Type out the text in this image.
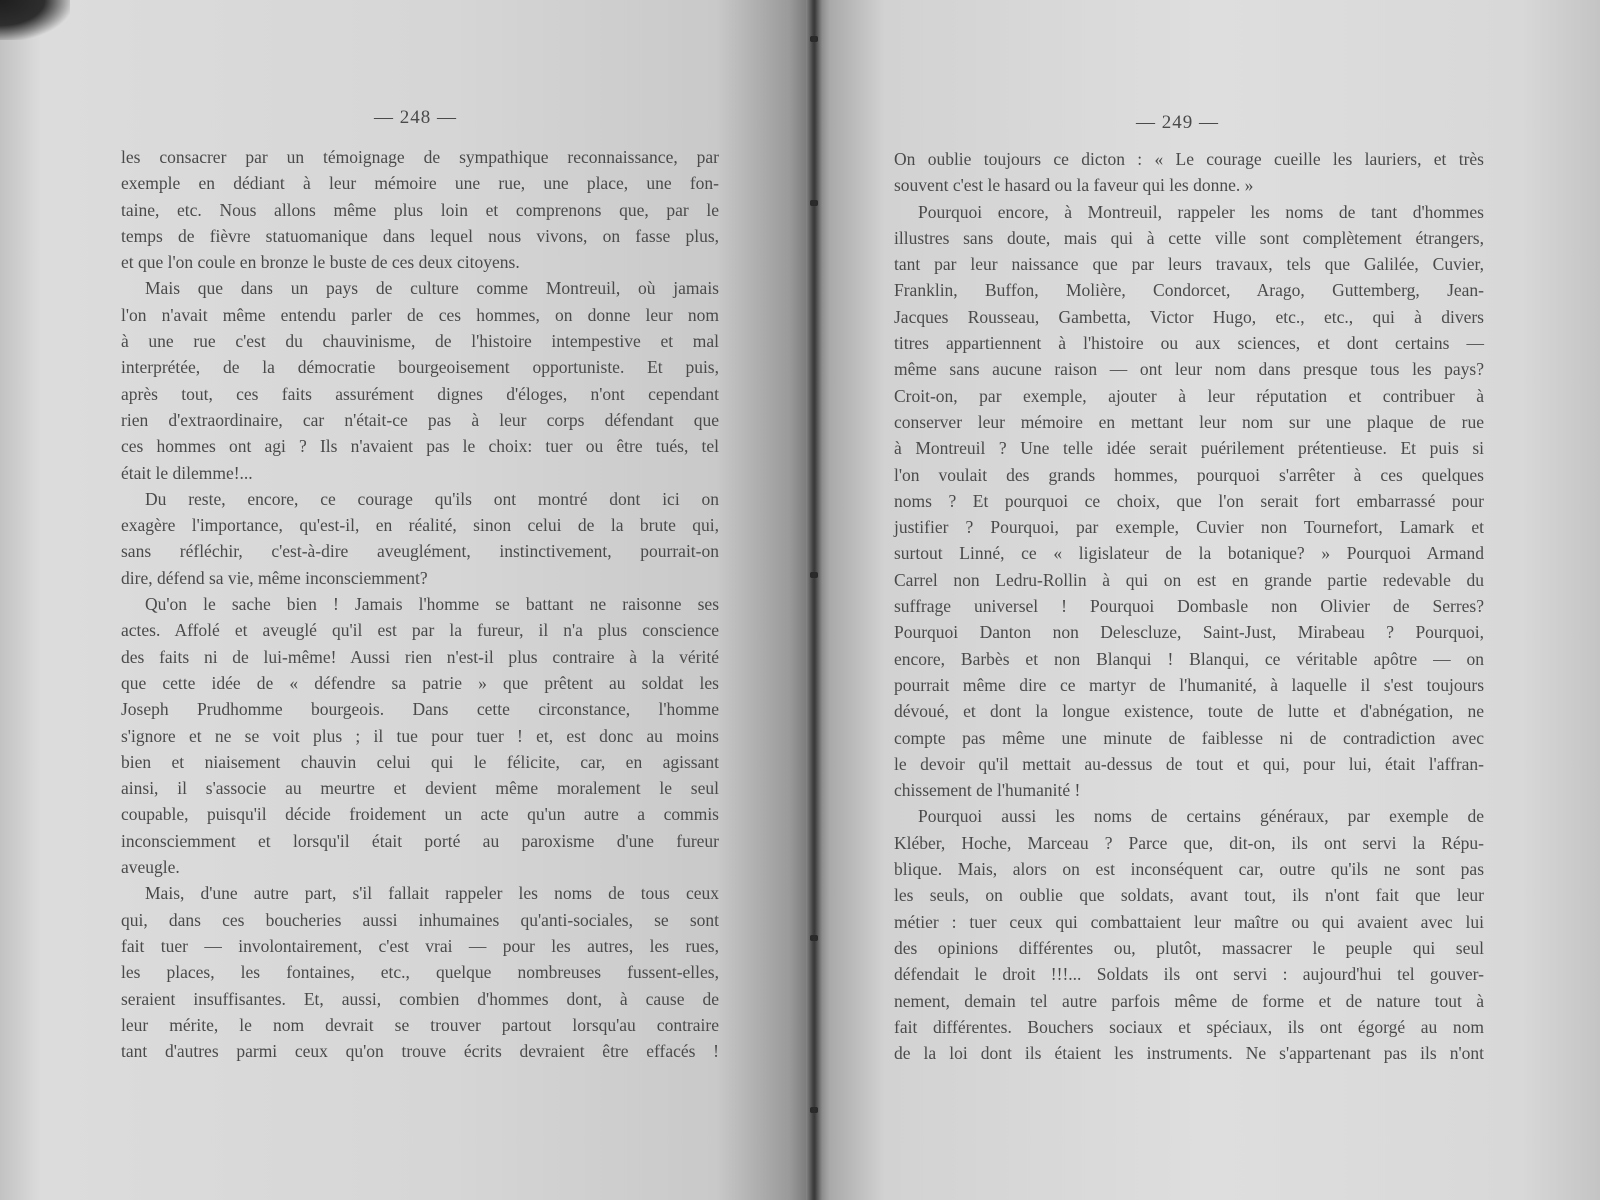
— 248 —
les consacrer par un témoignage de sympathique reconnaissance, par
exemple en dédiant à leur mémoire une rue, une place, une fon-
taine, etc. Nous allons même plus loin et comprenons que, par le
temps de fièvre statuomanique dans lequel nous vivons, on fasse plus,
et que l'on coule en bronze le buste de ces deux citoyens.
Mais que dans un pays de culture comme Montreuil, où jamais
l'on n'avait même entendu parler de ces hommes, on donne leur nom
à une rue c'est du chauvinisme, de l'histoire intempestive et mal
interprétée, de la démocratie bourgeoisement opportuniste. Et puis,
après tout, ces faits assurément dignes d'éloges, n'ont cependant
rien d'extraordinaire, car n'était-ce pas à leur corps défendant que
ces hommes ont agi ? Ils n'avaient pas le choix: tuer ou être tués, tel
était le dilemme!...
Du reste, encore, ce courage qu'ils ont montré dont ici on
exagère l'importance, qu'est-il, en réalité, sinon celui de la brute qui,
sans réfléchir, c'est-à-dire aveuglément, instinctivement, pourrait-on
dire, défend sa vie, même inconsciemment?
Qu'on le sache bien ! Jamais l'homme se battant ne raisonne ses
actes. Affolé et aveuglé qu'il est par la fureur, il n'a plus conscience
des faits ni de lui-même! Aussi rien n'est-il plus contraire à la vérité
que cette idée de « défendre sa patrie » que prêtent au soldat les
Joseph Prudhomme bourgeois. Dans cette circonstance, l'homme
s'ignore et ne se voit plus ; il tue pour tuer ! et, est donc au moins
bien et niaisement chauvin celui qui le félicite, car, en agissant
ainsi, il s'associe au meurtre et devient même moralement le seul
coupable, puisqu'il décide froidement un acte qu'un autre a commis
inconsciemment et lorsqu'il était porté au paroxisme d'une fureur
aveugle.
Mais, d'une autre part, s'il fallait rappeler les noms de tous ceux
qui, dans ces boucheries aussi inhumaines qu'anti-sociales, se sont
fait tuer — involontairement, c'est vrai — pour les autres, les rues,
les places, les fontaines, etc., quelque nombreuses fussent-elles,
seraient insuffisantes. Et, aussi, combien d'hommes dont, à cause de
leur mérite, le nom devrait se trouver partout lorsqu'au contraire
tant d'autres parmi ceux qu'on trouve écrits devraient être effacés !
— 249 —
On oublie toujours ce dicton : « Le courage cueille les lauriers, et très
souvent c'est le hasard ou la faveur qui les donne. »
Pourquoi encore, à Montreuil, rappeler les noms de tant d'hommes
illustres sans doute, mais qui à cette ville sont complètement étrangers,
tant par leur naissance que par leurs travaux, tels que Galilée, Cuvier,
Franklin, Buffon, Molière, Condorcet, Arago, Guttemberg, Jean-
Jacques Rousseau, Gambetta, Victor Hugo, etc., etc., qui à divers
titres appartiennent à l'histoire ou aux sciences, et dont certains —
même sans aucune raison — ont leur nom dans presque tous les pays?
Croit-on, par exemple, ajouter à leur réputation et contribuer à
conserver leur mémoire en mettant leur nom sur une plaque de rue
à Montreuil ? Une telle idée serait puérilement prétentieuse. Et puis si
l'on voulait des grands hommes, pourquoi s'arrêter à ces quelques
noms ? Et pourquoi ce choix, que l'on serait fort embarrassé pour
justifier ? Pourquoi, par exemple, Cuvier non Tournefort, Lamark et
surtout Linné, ce « ligislateur de la botanique? » Pourquoi Armand
Carrel non Ledru-Rollin à qui on est en grande partie redevable du
suffrage universel ! Pourquoi Dombasle non Olivier de Serres?
Pourquoi Danton non Delescluze, Saint-Just, Mirabeau ? Pourquoi,
encore, Barbès et non Blanqui ! Blanqui, ce véritable apôtre — on
pourrait même dire ce martyr de l'humanité, à laquelle il s'est toujours
dévoué, et dont la longue existence, toute de lutte et d'abnégation, ne
compte pas même une minute de faiblesse ni de contradiction avec
le devoir qu'il mettait au-dessus de tout et qui, pour lui, était l'affran-
chissement de l'humanité !
Pourquoi aussi les noms de certains généraux, par exemple de
Kléber, Hoche, Marceau ? Parce que, dit-on, ils ont servi la Répu-
blique. Mais, alors on est inconséquent car, outre qu'ils ne sont pas
les seuls, on oublie que soldats, avant tout, ils n'ont fait que leur
métier : tuer ceux qui combattaient leur maître ou qui avaient avec lui
des opinions différentes ou, plutôt, massacrer le peuple qui seul
défendait le droit !!!... Soldats ils ont servi : aujourd'hui tel gouver-
nement, demain tel autre parfois même de forme et de nature tout à
fait différentes. Bouchers sociaux et spéciaux, ils ont égorgé au nom
de la loi dont ils étaient les instruments. Ne s'appartenant pas ils n'ont
